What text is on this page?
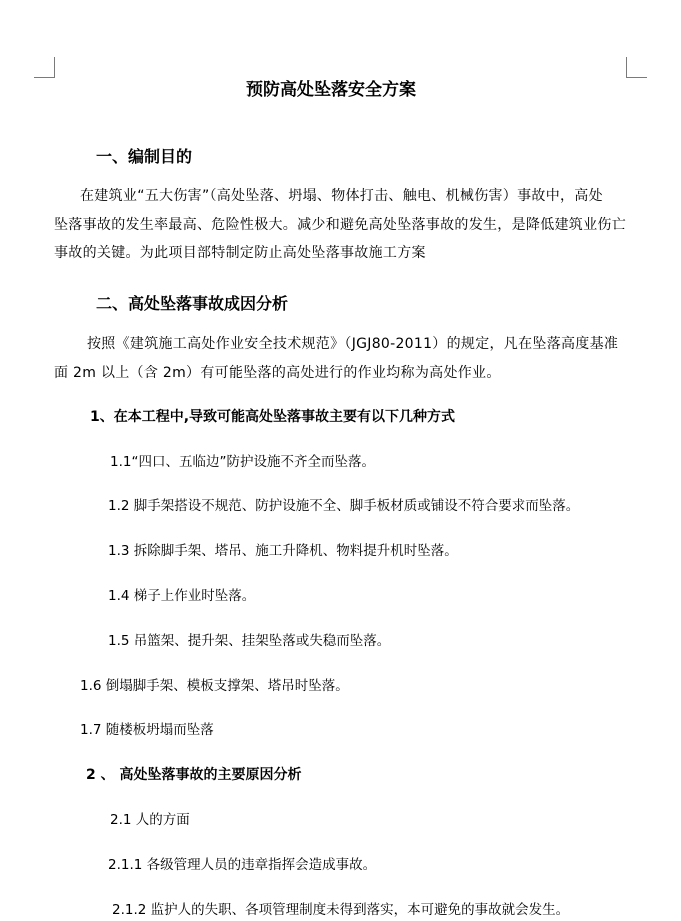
预防高处坠落安全方案
一、编制目的
在建筑业“五大伤害”（高处坠落、坍塌、物体打击、触电、机械伤害）事故中，高处
坠落事故的发生率最高、危险性极大。减少和避免高处坠落事故的发生，是降低建筑业伤亡
事故的关键。为此项目部特制定防止高处坠落事故施工方案
二、高处坠落事故成因分析
按照《建筑施工高处作业安全技术规范》（JGJ80-2011）的规定，凡在坠落高度基准
面 2m 以上（含 2m）有可能坠落的高处进行的作业均称为高处作业。
1、在本工程中,导致可能高处坠落事故主要有以下几种方式
1.1“四口、五临边”防护设施不齐全而坠落。
1.2 脚手架搭设不规范、防护设施不全、脚手板材质或铺设不符合要求而坠落。
1.3 拆除脚手架、塔吊、施工升降机、物料提升机时坠落。
1.4 梯子上作业时坠落。
1.5 吊篮架、提升架、挂架坠落或失稳而坠落。
1.6 倒塌脚手架、模板支撑架、塔吊时坠落。
1.7 随楼板坍塌而坠落
2 、 高处坠落事故的主要原因分析
2.1 人的方面
2.1.1 各级管理人员的违章指挥会造成事故。
2.1.2 监护人的失职、各项管理制度未得到落实，本可避免的事故就会发生。
